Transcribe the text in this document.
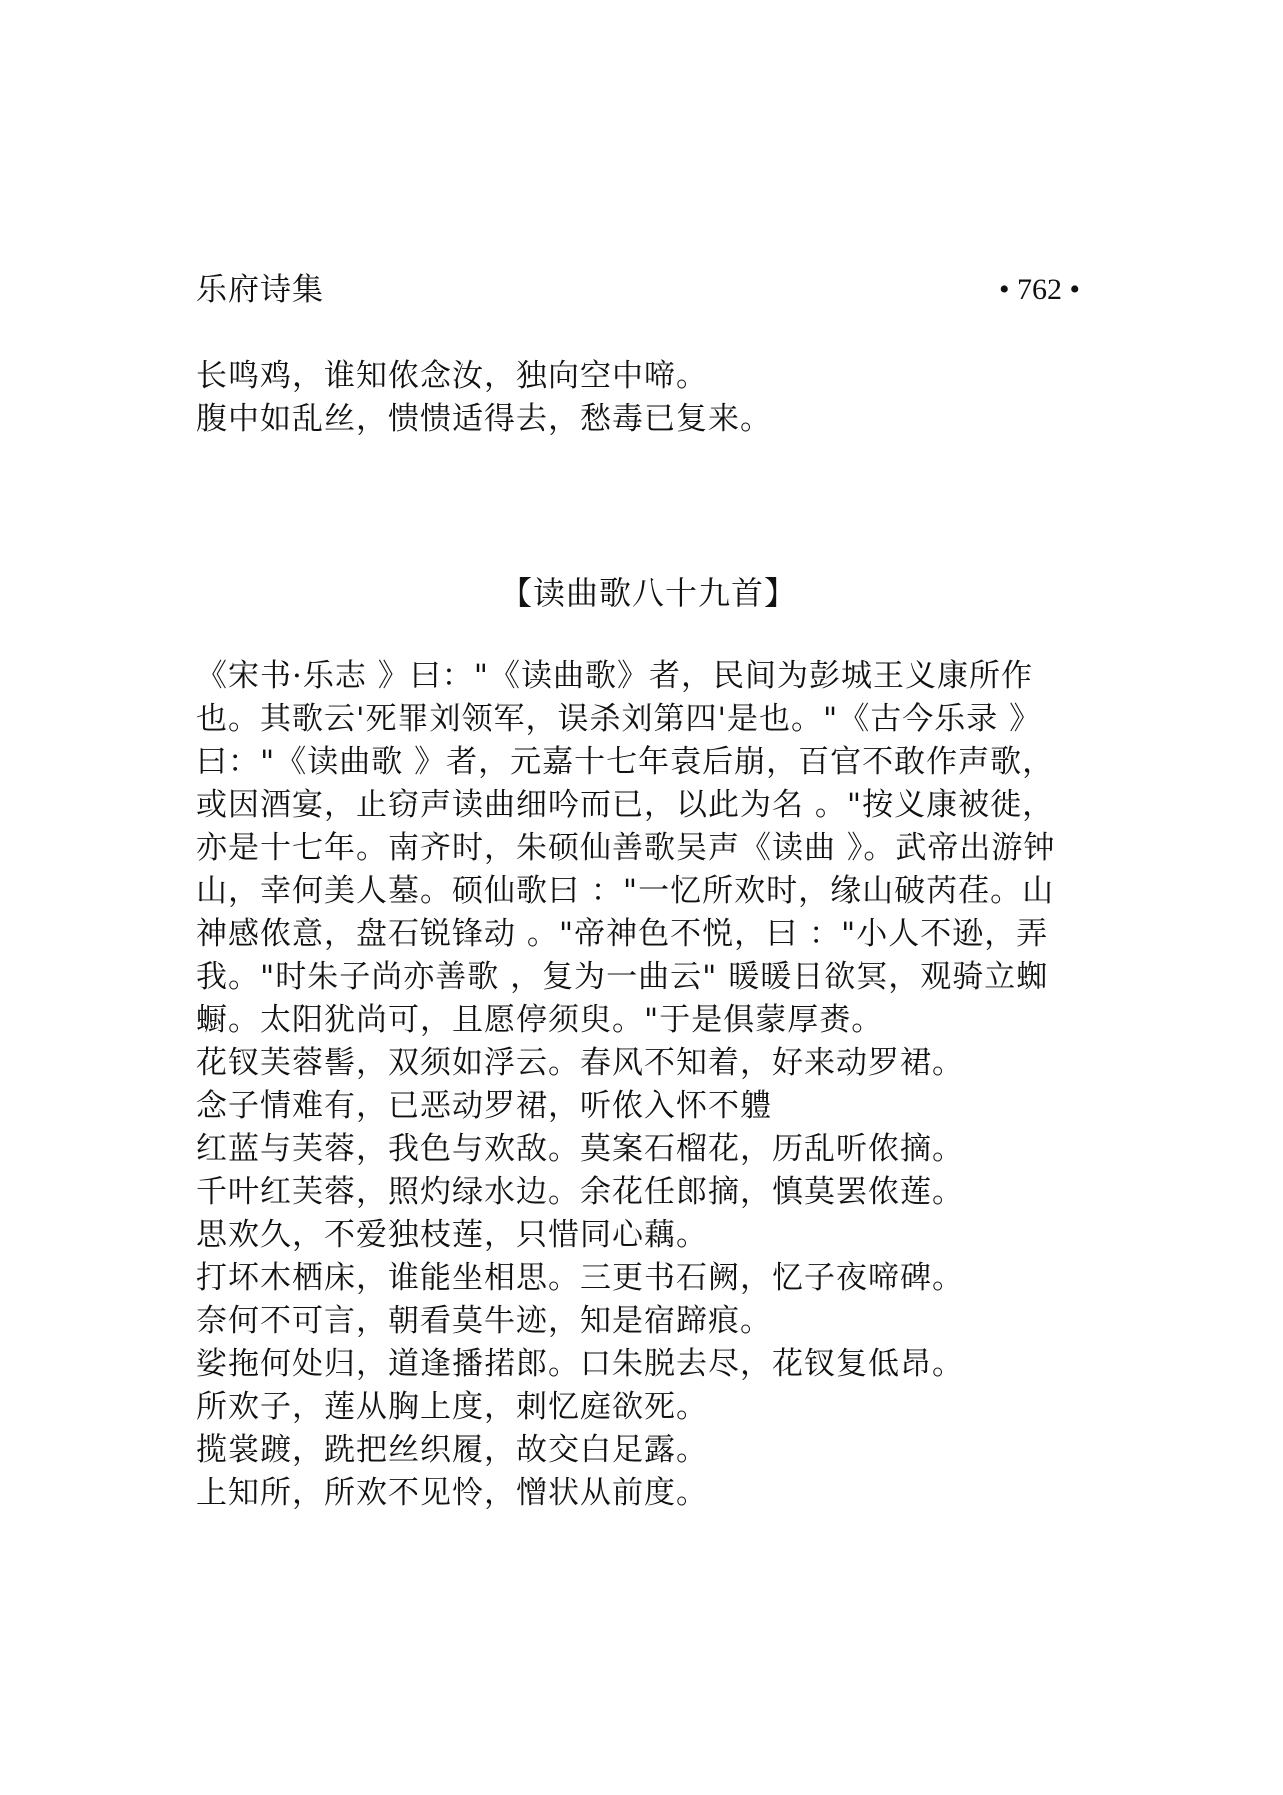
乐府诗集	• 762 •
长鸣鸡，谁知侬念汝，独向空中啼。
腹中如乱丝，愦愦适得去，愁毒已复来。
【读曲歌八十九首】
《宋书·乐志 》曰："《读曲歌》者，民间为彭城王义康所作
也。其歌云'死罪刘领军，误杀刘第四'是也。"《古今乐录 》
曰："《读曲歌 》者，元嘉十七年袁后崩，百官不敢作声歌，
或因酒宴，止窃声读曲细吟而已，以此为名 。"按义康被徙，
亦是十七年。南齐时，朱硕仙善歌吴声《读曲 》。武帝出游钟
山，幸何美人墓。硕仙歌曰 ："一忆所欢时，缘山破芮荏。山
神感侬意，盘石锐锋动 。"帝神色不悦，曰 ："小人不逊，弄
我。"时朱子尚亦善歌 ，复为一曲云" 暖暖日欲冥，观骑立蜘
蟵。太阳犹尚可，且愿停须臾。"于是俱蒙厚赉。
花钗芙蓉髻，双须如浮云。春风不知着，好来动罗裙。
念子情难有，已恶动罗裙，听侬入怀不軆
红蓝与芙蓉，我色与欢敌。莫案石榴花，历乱听侬摘。
千叶红芙蓉，照灼绿水边。余花任郎摘，慎莫罢侬莲。
思欢久，不爱独枝莲，只惜同心藕。
打坏木栖床，谁能坐相思。三更书石阙，忆子夜啼碑。
奈何不可言，朝看莫牛迹，知是宿蹄痕。
娑拖何处归，道逢播掿郎。口朱脱去尽，花钗复低昂。
所欢子，莲从胸上度，刺忆庭欲死。
揽裳踱，跣把丝织履，故交白足露。
上知所，所欢不见怜，憎状从前度。
